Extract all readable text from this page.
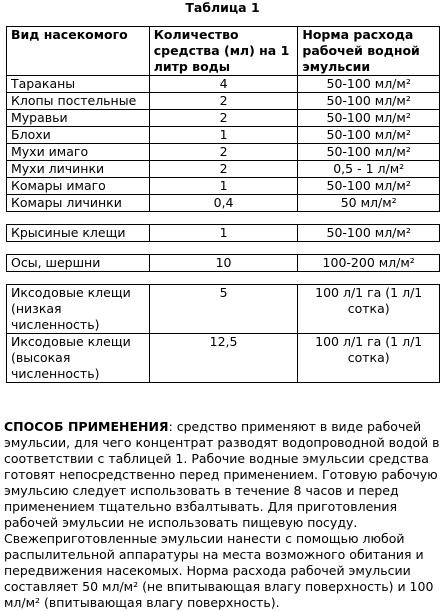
Таблица 1
Вид насекомого	Количество средства (мл) на 1 литр воды	Норма расхода рабочей водной эмульсии
Тараканы	4	50-100 мл/м²
Клопы постельные	2	50-100 мл/м²
Муравьи	2	50-100 мл/м²
Блохи	1	50-100 мл/м²
Мухи имаго	2	50-100 мл/м²
Мухи личинки	2	0,5 - 1 л/м²
Комары имаго	1	50-100 мл/м²
Комары личинки	0,4	50 мл/м²

Крысиные клещи	1	50-100 мл/м²

Осы, шершни	10	100-200 мл/м²

Иксодовые клещи (низкая численность)	5	100 л/1 га (1 л/1 сотка)
Иксодовые клещи (высокая численность)	12,5	100 л/1 га (1 л/1 сотка)

СПОСОБ ПРИМЕНЕНИЯ: средство применяют в виде рабочей эмульсии, для чего концентрат разводят водопроводной водой в соответствии с таблицей 1. Рабочие водные эмульсии средства готовят непосредственно перед применением. Готовую рабочую эмульсию следует использовать в течение 8 часов и перед применением тщательно взбалтывать. Для приготовления рабочей эмульсии не использовать пищевую посуду. Свежеприготовленные эмульсии нанести с помощью любой распылительной аппаратуры на места возможного обитания и передвижения насекомых. Норма расхода рабочей эмульсии составляет 50 мл/м² (не впитывающая влагу поверхность) и 100 мл/м² (впитывающая влагу поверхность).
